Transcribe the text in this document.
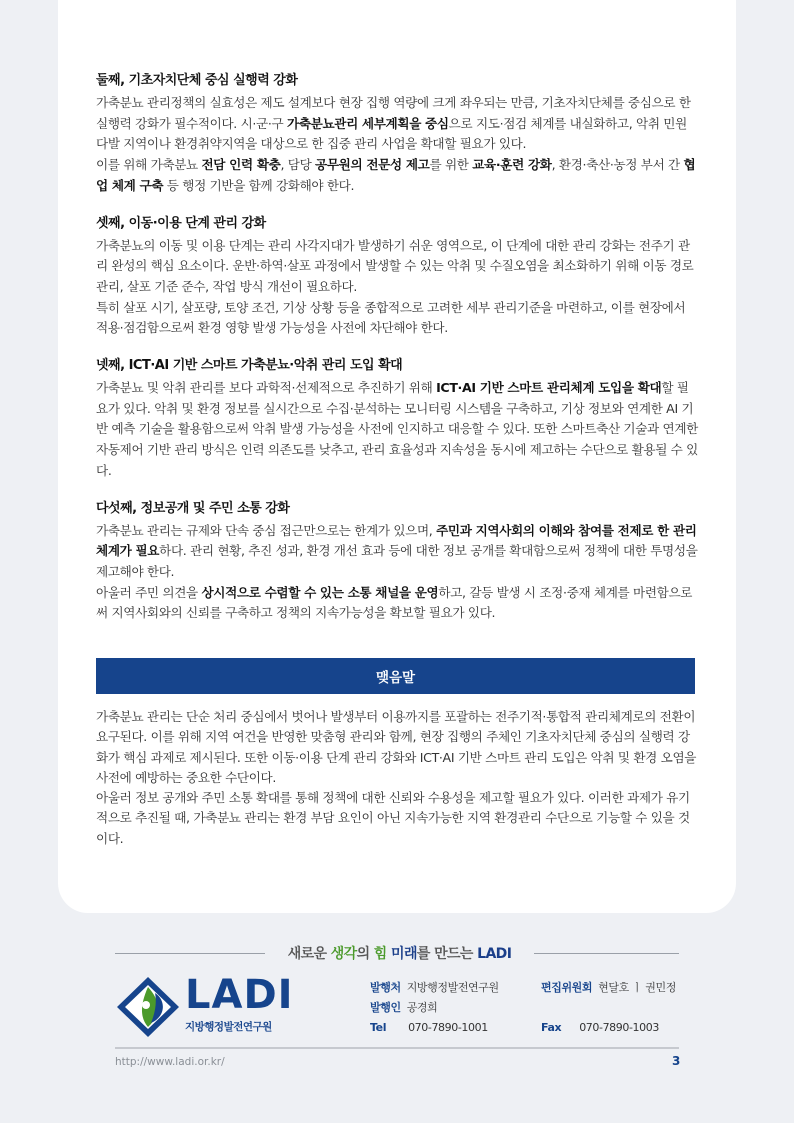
둘째, 기초자치단체 중심 실행력 강화

가축분뇨 관리정책의 실효성은 제도 설계보다 현장 집행 역량에 크게 좌우되는 만큼, 기초자치단체를 중심으로 한 실행력 강화가 필수적이다. 시·군·구 가축분뇨관리 세부계획을 중심으로 지도·점검 체계를 내실화하고, 악취 민원 다발 지역이나 환경취약지역을 대상으로 한 집중 관리 사업을 확대할 필요가 있다.

이를 위해 가축분뇨 전담 인력 확충, 담당 공무원의 전문성 제고를 위한 교육·훈련 강화, 환경·축산·농정 부서 간 협업 체계 구축 등 행정 기반을 함께 강화해야 한다.

셋째, 이동·이용 단계 관리 강화

가축분뇨의 이동 및 이용 단계는 관리 사각지대가 발생하기 쉬운 영역으로, 이 단계에 대한 관리 강화는 전주기 관리 완성의 핵심 요소이다. 운반·하역·살포 과정에서 발생할 수 있는 악취 및 수질오염을 최소화하기 위해 이동 경로 관리, 살포 기준 준수, 작업 방식 개선이 필요하다.

특히 살포 시기, 살포량, 토양 조건, 기상 상황 등을 종합적으로 고려한 세부 관리기준을 마련하고, 이를 현장에서 적용·점검함으로써 환경 영향 발생 가능성을 사전에 차단해야 한다.

넷째, ICT·AI 기반 스마트 가축분뇨·악취 관리 도입 확대

가축분뇨 및 악취 관리를 보다 과학적·선제적으로 추진하기 위해 ICT·AI 기반 스마트 관리체계 도입을 확대할 필요가 있다. 악취 및 환경 정보를 실시간으로 수집·분석하는 모니터링 시스템을 구축하고, 기상 정보와 연계한 AI 기반 예측 기술을 활용함으로써 악취 발생 가능성을 사전에 인지하고 대응할 수 있다. 또한 스마트축산 기술과 연계한 자동제어 기반 관리 방식은 인력 의존도를 낮추고, 관리 효율성과 지속성을 동시에 제고하는 수단으로 활용될 수 있다.

다섯째, 정보공개 및 주민 소통 강화

가축분뇨 관리는 규제와 단속 중심 접근만으로는 한계가 있으며, 주민과 지역사회의 이해와 참여를 전제로 한 관리 체계가 필요하다. 관리 현황, 추진 성과, 환경 개선 효과 등에 대한 정보 공개를 확대함으로써 정책에 대한 투명성을 제고해야 한다.

아울러 주민 의견을 상시적으로 수렴할 수 있는 소통 채널을 운영하고, 갈등 발생 시 조정·중재 체계를 마련함으로써 지역사회와의 신뢰를 구축하고 정책의 지속가능성을 확보할 필요가 있다.

맺음말

가축분뇨 관리는 단순 처리 중심에서 벗어나 발생부터 이용까지를 포괄하는 전주기적·통합적 관리체계로의 전환이 요구된다. 이를 위해 지역 여건을 반영한 맞춤형 관리와 함께, 현장 집행의 주체인 기초자치단체 중심의 실행력 강화가 핵심 과제로 제시된다. 또한 이동·이용 단계 관리 강화와 ICT·AI 기반 스마트 관리 도입은 악취 및 환경 오염을 사전에 예방하는 중요한 수단이다.

아울러 정보 공개와 주민 소통 확대를 통해 정책에 대한 신뢰와 수용성을 제고할 필요가 있다. 이러한 과제가 유기적으로 추진될 때, 가축분뇨 관리는 환경 부담 요인이 아닌 지속가능한 지역 환경관리 수단으로 기능할 수 있을 것이다.

새로운 생각의 힘 미래를 만드는 LADI
LADI
지방행정발전연구원
발행처 지방행정발전연구원
발행인 공경희
Tel 070-7890-1001
편집위원회 현달호 ㅣ 권민정
Fax 070-7890-1003
http://www.ladi.or.kr/	3
